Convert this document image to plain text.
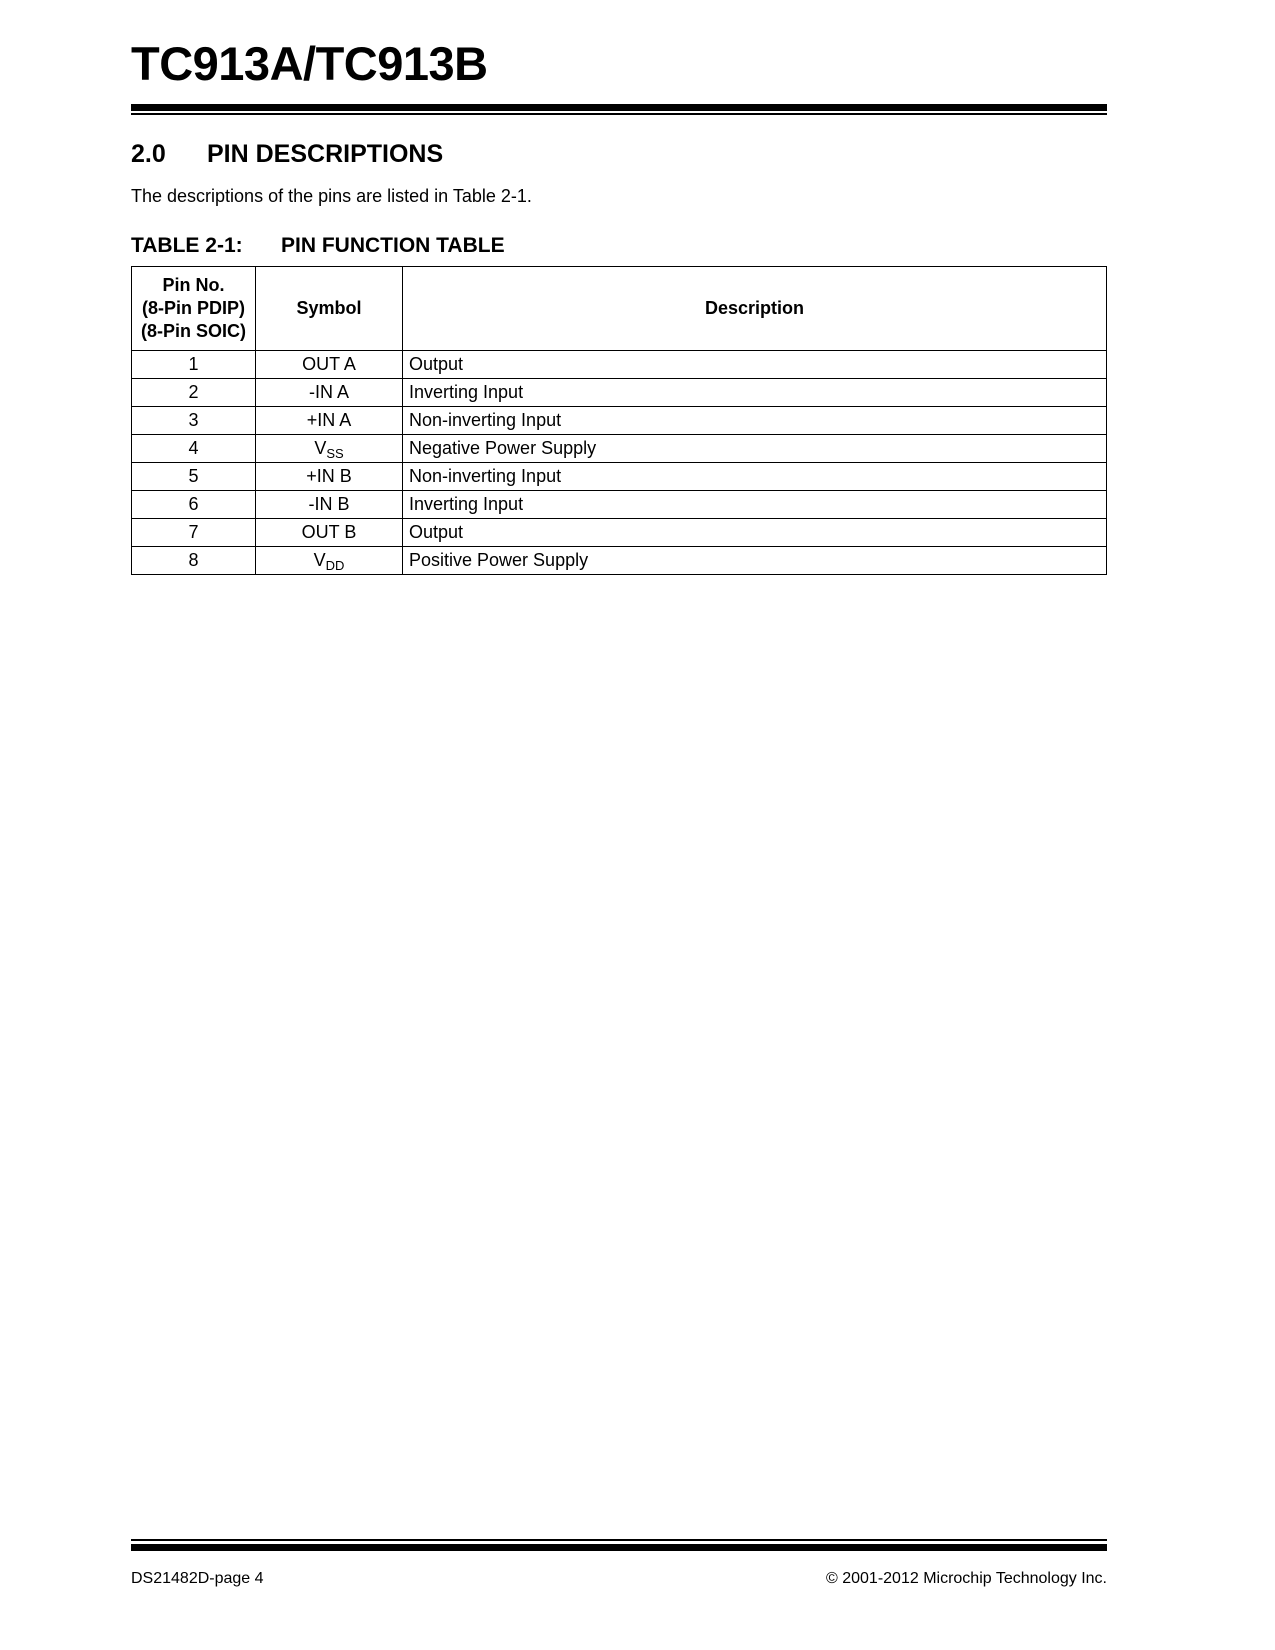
TC913A/TC913B
2.0 PIN DESCRIPTIONS

The descriptions of the pins are listed in Table 2-1.

TABLE 2-1: PIN FUNCTION TABLE
Pin No.
(8-Pin PDIP)
(8-Pin SOIC)	Symbol	Description
1	OUT A	Output
2	-IN A	Inverting Input
3	+IN A	Non-inverting Input
4	$V_{SS}$	Negative Power Supply
5	+IN B	Non-inverting Input
6	-IN B	Inverting Input
7	OUT B	Output
8	$V_{DD}$	Positive Power Supply
DS21482D-page 4	© 2001-2012 Microchip Technology Inc.
